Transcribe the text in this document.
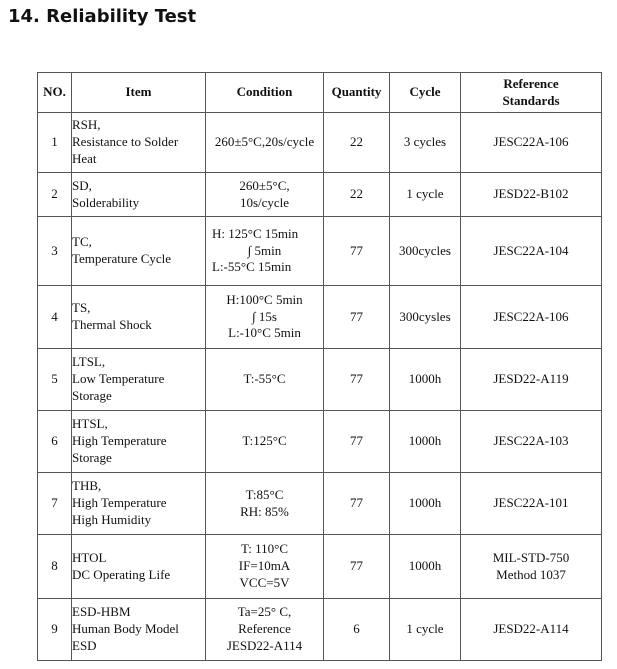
14. Reliability Test
NO.	Item	Condition	Quantity	Cycle	Reference
Standards

1	RSH,
Resistance to Solder
Heat	260±5°C,20s/cycle	22	3 cycles	JESC22A-106

2	SD,
Solderability	260±5°C,
10s/cycle	22	1 cycle	JESD22-B102

3	TC,
Temperature Cycle	H: 125°C 15min
∫ 5min
L:-55°C 15min	77	300cycles	JESC22A-104

4	TS,
Thermal Shock	H:100°C 5min
∫ 15s
L:-10°C 5min	77	300cysles	JESC22A-106

5	LTSL,
Low Temperature
Storage	T:-55°C	77	1000h	JESD22-A119

6	HTSL,
High Temperature
Storage	T:125°C	77	1000h	JESC22A-103

7	THB,
High Temperature
High Humidity	T:85°C
RH: 85%	77	1000h	JESC22A-101

8	HTOL
DC Operating Life	T: 110°C
IF=10mA
VCC=5V	77	1000h	MIL-STD-750
Method 1037

9	ESD-HBM
Human Body Model
ESD	Ta=25° C,
Reference
JESD22-A114	6	1 cycle	JESD22-A114
